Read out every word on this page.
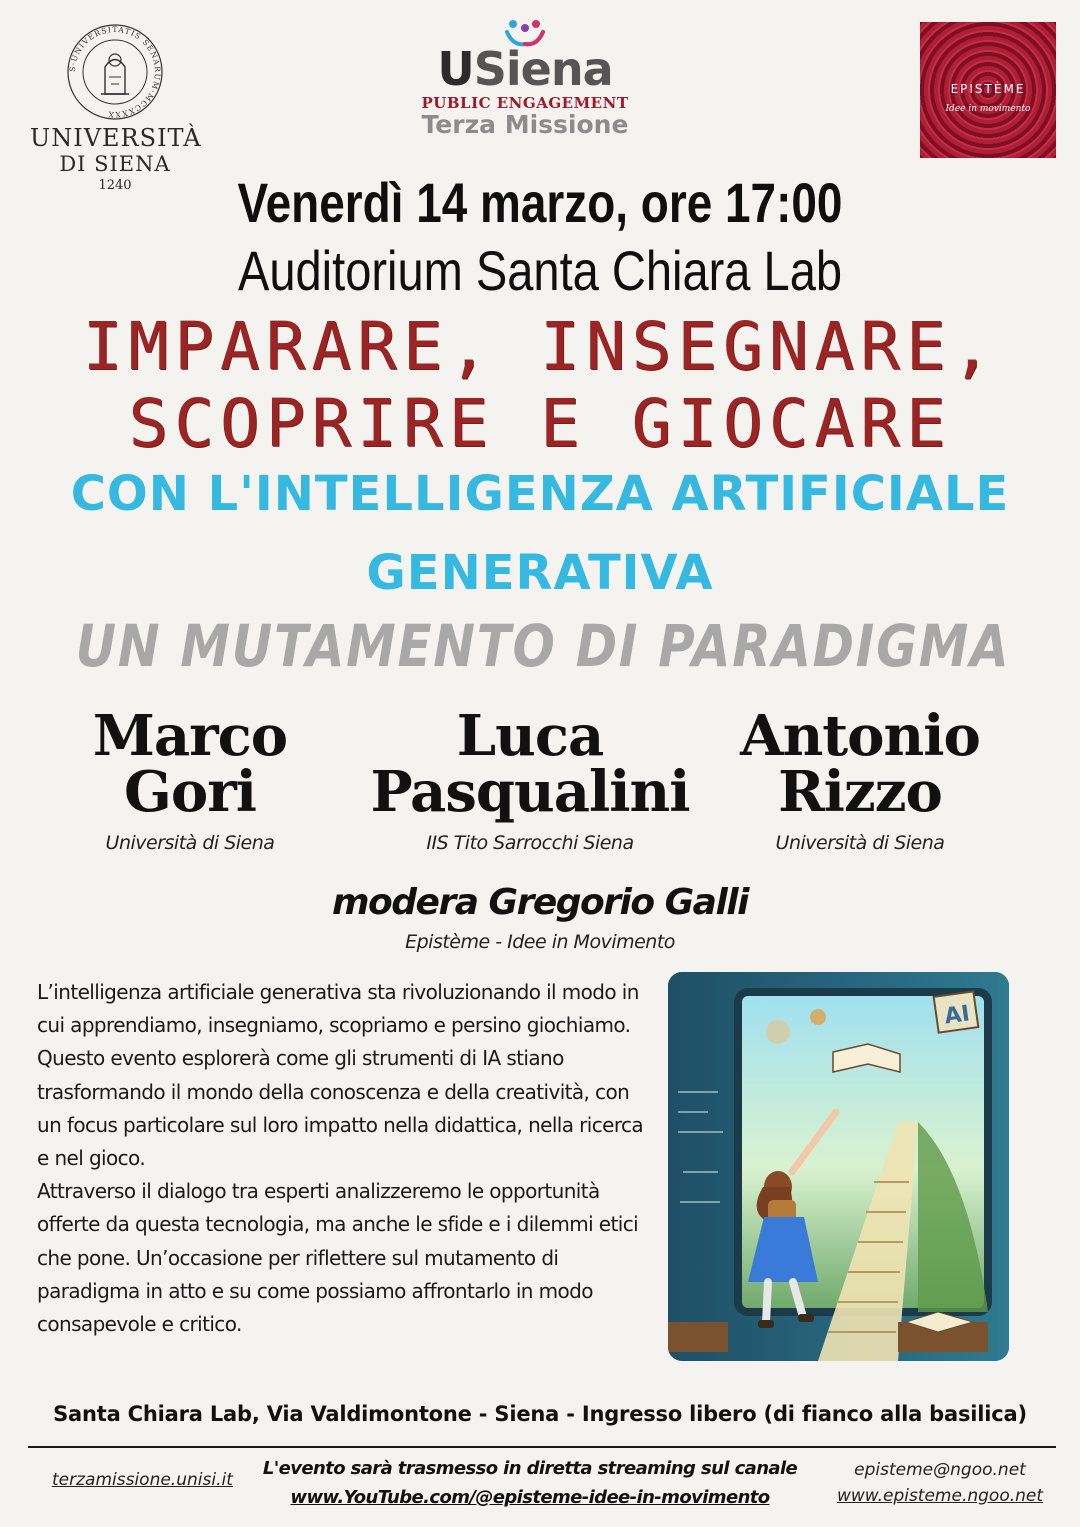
S·UNIVERSITATIS SENARUM·MCCXXXX
UNIVERSITÀ
DI SIENA
1240
USiena
PUBLIC ENGAGEMENT
Terza Missione
EPISTÈME
Idee in movimento
Venerdì 14 marzo, ore 17:00
Auditorium Santa Chiara Lab
IMPARARE, INSEGNARE,
SCOPRIRE E GIOCARE
CON L'INTELLIGENZA ARTIFICIALE
GENERATIVA
UN MUTAMENTO DI PARADIGMA
Marco
Gori
Università di Siena
Luca
Pasqualini
IIS Tito Sarrocchi Siena
Antonio
Rizzo
Università di Siena
modera Gregorio Galli
Epistème - Idee in Movimento

L’intelligenza artificiale generativa sta rivoluzionando il modo in cui apprendiamo, insegniamo, scopriamo e persino giochiamo. Questo evento esplorerà come gli strumenti di IA stiano trasformando il mondo della conoscenza e della creatività, con un focus particolare sul loro impatto nella didattica, nella ricerca e nel gioco.

Attraverso il dialogo tra esperti analizzeremo le opportunità offerte da questa tecnologia, ma anche le sfide e i dilemmi etici che pone. Un’occasione per riflettere sul mutamento di paradigma in atto e su come possiamo affrontarlo in modo consapevole e critico.

AI
Santa Chiara Lab, Via Valdimontone - Siena - Ingresso libero (di fianco alla basilica)
terzamissione.unisi.it
L'evento sarà trasmesso in diretta streaming sul canale
www.YouTube.com/@episteme-idee-in-movimento
episteme@ngoo.net
www.episteme.ngoo.net
